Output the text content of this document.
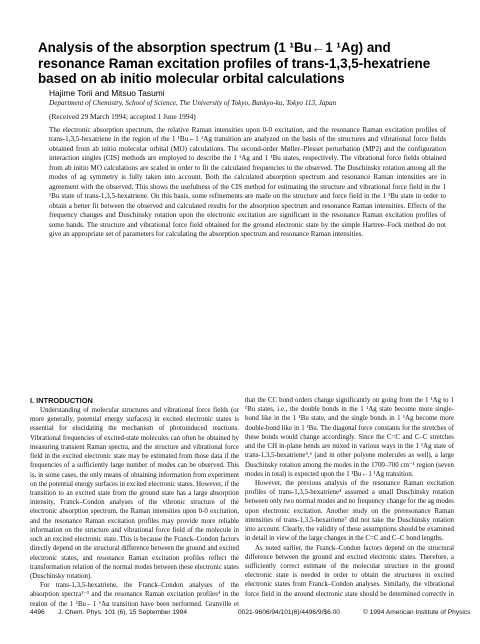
Analysis of the absorption spectrum (1 ¹Bu←1 ¹Ag) and resonance Raman excitation profiles of trans-1,3,5-hexatriene based on ab initio molecular orbital calculations
Hajime Torii and Mitsuo Tasumi
Department of Chemistry, School of Science, The University of Tokyo, Bunkyo-ku, Tokyo 113, Japan
(Received 29 March 1994; accepted 1 June 1994)
The electronic absorption spectrum, the relative Raman intensities upon 0-0 excitation, and the resonance Raman excitation profiles of trans-1,3,5-hexatriene in the region of the 1 ¹Bu←1 ¹Ag transition are analyzed on the basis of the structures and vibrational force fields obtained from ab initio molecular orbital (MO) calculations. The second-order Møller–Plesset perturbation (MP2) and the configuration interaction singles (CIS) methods are employed to describe the 1 ¹Ag and 1 ¹Bu states, respectively. The vibrational force fields obtained from ab initio MO calculations are scaled in order to fit the calculated frequencies to the observed. The Duschinsky rotation among all the modes of ag symmetry is fully taken into account. Both the calculated absorption spectrum and resonance Raman intensities are in agreement with the observed. This shows the usefulness of the CIS method for estimating the structure and vibrational force field in the 1 ¹Bu state of trans-1,3,5-hexatriene. On this basis, some refinements are made on the structure and force field in the 1 ¹Bu state in order to obtain a better fit between the observed and calculated results for the absorption spectrum and resonance Raman intensities. Effects of the frequency changes and Duschinsky rotation upon the electronic excitation are significant in the resonance Raman excitation profiles of some bands. The structure and vibrational force field obtained for the ground electronic state by the simple Hartree–Fock method do not give an appropriate set of parameters for calculating the absorption spectrum and resonance Raman intensities.
I. INTRODUCTION

Understanding of molecular structures and vibrational force fields (or more generally, potential energy surfaces) in excited electronic states is essential for elucidating the mechanism of photoinduced reactions. Vibrational frequencies of excited-state molecules can often be obtained by measuring transient Raman spectra, and the structure and vibrational force field in the excited electronic state may be estimated from those data if the frequencies of a sufficiently large number of modes can be observed. This is, in some cases, the only means of obtaining information from experiment on the potential energy surfaces in excited electronic states. However, if the transition to an excited state from the ground state has a large absorption intensity, Franck–Condon analyses of the vibronic structure of the electronic absorption spectrum, the Raman intensities upon 0-0 excitation, and the resonance Raman excitation profiles may provide more reliable information on the structure and vibrational force field of the molecule in such an excited electronic state. This is because the Franck–Condon factors directly depend on the structural difference between the ground and excited electronic states, and resonance Raman excitation profiles reflect the transformation relation of the normal modes between these electronic states (Duschinsky rotation).

For trans-1,3,5-hexatriene, the Franck–Condon analyses of the absorption spectra¹⁻³ and the resonance Raman excitation profiles⁴ in the region of the 1 ¹Bu←1 ¹Ag transition have been performed. Granville et

that the CC bond orders change significantly on going from the 1 ¹Ag to 1 ¹Bu states, i.e., the double bonds in the 1 ¹Ag state become more single-bond like in the 1 ¹Bu state, and the single bonds in 1 ¹Ag become more double-bond like in 1 ¹Bu. The diagonal force constants for the stretches of these bonds would change accordingly. Since the C=C and C–C stretches and the CH in-plane bends are mixed in various ways in the 1 ¹Ag state of trans-1,3,5-hexatriene⁵,⁶ (and in other polyene molecules as well), a large Duschinsky rotation among the modes in the 1700–700 cm⁻¹ region (seven modes in total) is expected upon the 1 ¹Bu←1 ¹Ag transition.

However, the previous analysis of the resonance Raman excitation profiles of trans-1,3,5-hexatriene⁴ assumed a small Duschinsky rotation between only two normal modes and no frequency change for the ag modes upon electronic excitation. Another study on the preresonance Raman intensities of trans-1,3,5-hexatriene⁷ did not take the Duschinsky rotation into account. Clearly, the validity of these assumptions should be examined in detail in view of the large changes in the C=C and C–C bond lengths.

As noted earlier, the Franck–Condon factors depend on the structural difference between the ground and excited electronic states. Therefore, a sufficiently correct estimate of the molecular structure in the ground electronic state is needed in order to obtain the structures in excited electronic states from Franck–Condon analyses. Similarly, the vibrational force field in the ground electronic state should be determined correctly in

4496 J. Chem. Phys. 101 (6), 15 September 1994	0021-9606/94/101(6)/4496/9/$6.00	© 1994 American Institute of Physics
